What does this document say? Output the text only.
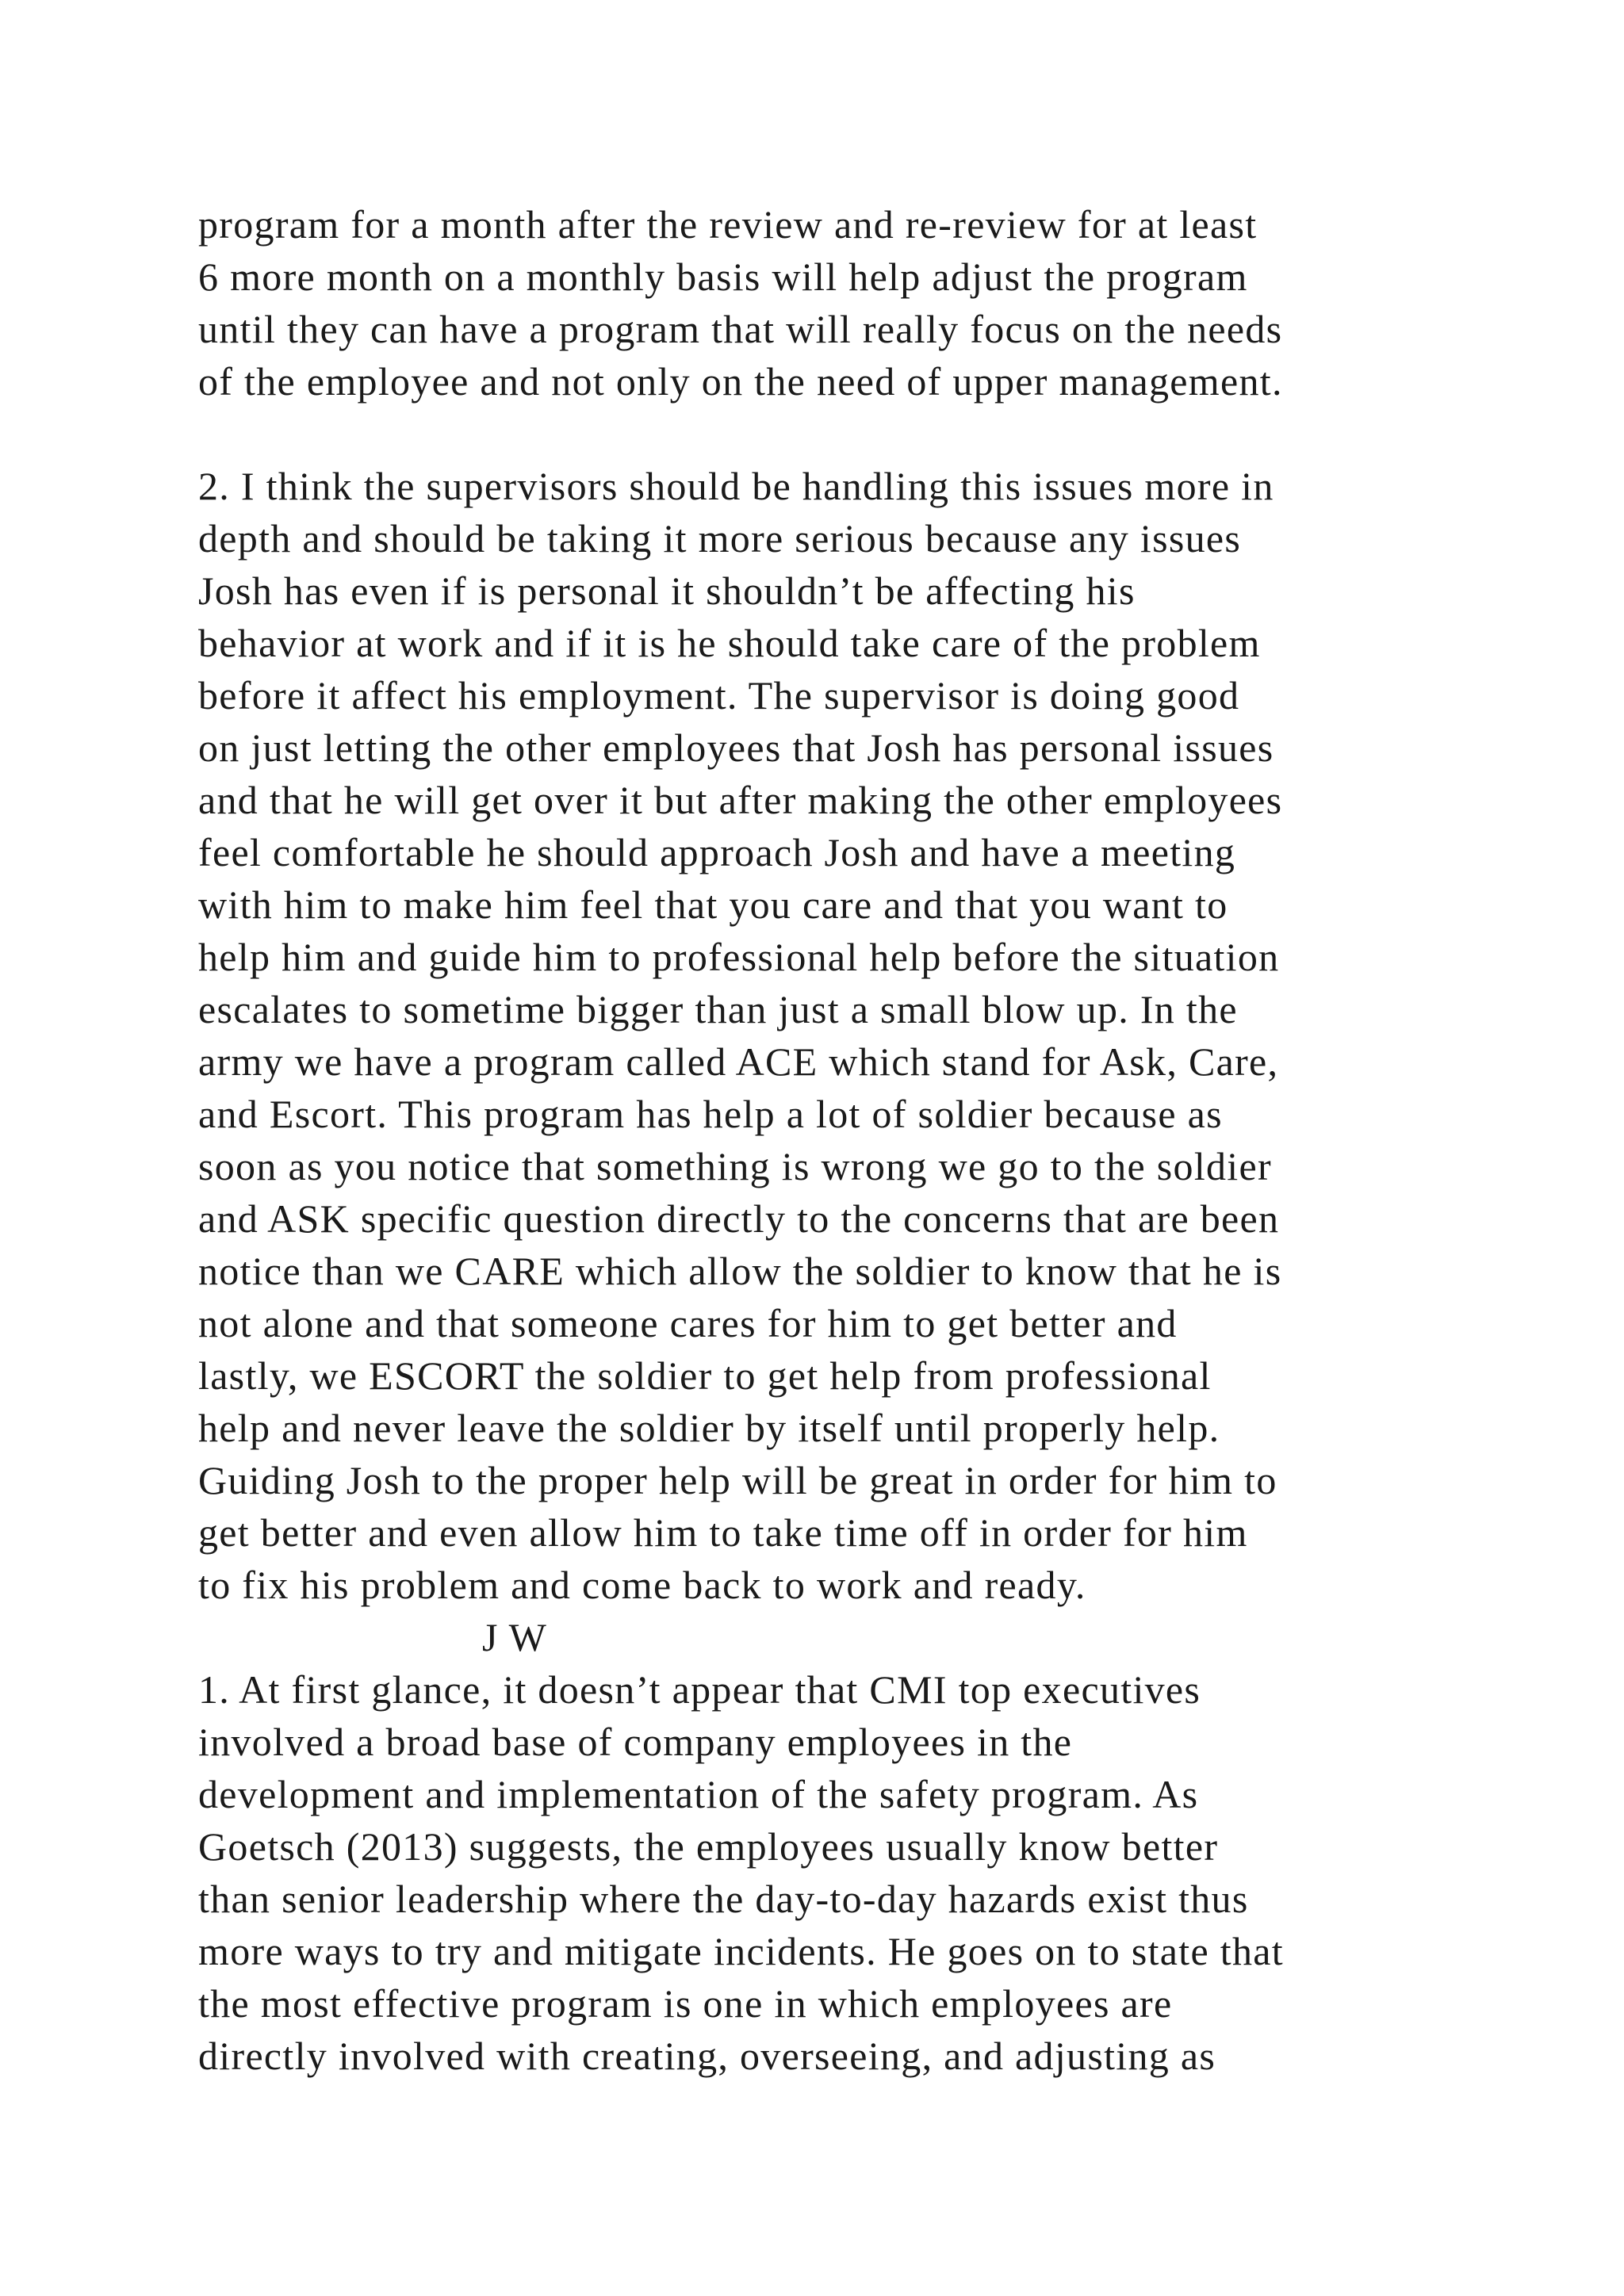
program for a month after the review and re-review for at least
6 more month on a monthly basis will help adjust the program
until they can have a program that will really focus on the needs
of the employee and not only on the need of upper management.
2. I think the supervisors should be handling this issues more in
depth and should be taking it more serious because any issues
Josh has even if is personal it shouldn’t be affecting his
behavior at work and if it is he should take care of the problem
before it affect his employment. The supervisor is doing good
on just letting the other employees that Josh has personal issues
and that he will get over it but after making the other employees
feel comfortable he should approach Josh and have a meeting
with him to make him feel that you care and that you want to
help him and guide him to professional help before the situation
escalates to sometime bigger than just a small blow up. In the
army we have a program called ACE which stand for Ask, Care,
and Escort. This program has help a lot of soldier because as
soon as you notice that something is wrong we go to the soldier
and ASK specific question directly to the concerns that are been
notice than we CARE which allow the soldier to know that he is
not alone and that someone cares for him to get better and
lastly, we ESCORT the soldier to get help from professional
help and never leave the soldier by itself until properly help.
Guiding Josh to the proper help will be great in order for him to
get better and even allow him to take time off in order for him
to fix his problem and come back to work and ready.
J W
1. At first glance, it doesn’t appear that CMI top executives
involved a broad base of company employees in the
development and implementation of the safety program. As
Goetsch (2013) suggests, the employees usually know better
than senior leadership where the day-to-day hazards exist thus
more ways to try and mitigate incidents. He goes on to state that
the most effective program is one in which employees are
directly involved with creating, overseeing, and adjusting as
